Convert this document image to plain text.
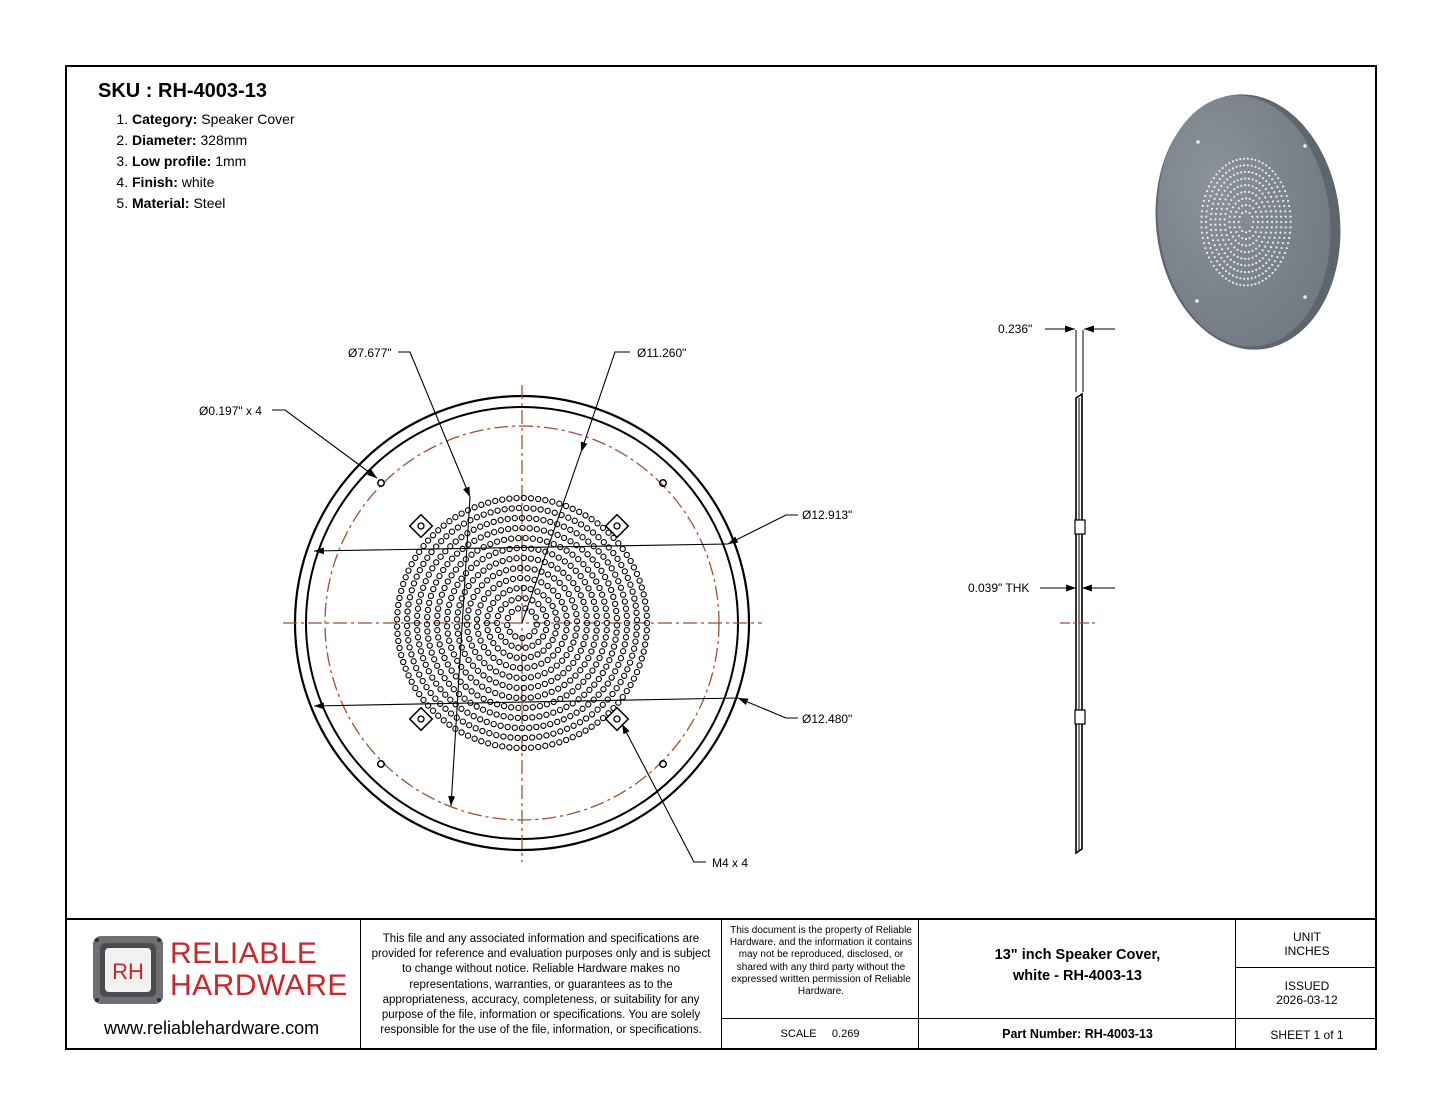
SKU : RH-4003-13
1. Category: Speaker Cover
2. Diameter: 328mm
3. Low profile: 1mm
4. Finish: white
5. Material: Steel
Ø7.677"	Ø11.260"
Ø0.197" x 4
Ø12.913"
Ø12.480"
M4 x 4
0.236"
0.039" THK
RH
RELIABLE
HARDWARE
www.reliablehardware.com
This file and any associated information and specifications are provided for reference and evaluation purposes only and is subject to change without notice. Reliable Hardware makes no representations, warranties, or guarantees as to the appropriateness, accuracy, completeness, or suitability for any purpose of the file, information or specifications. You are solely responsible for the use of the file, information, or specifications.
This document is the property of Reliable Hardware. and the information it contains may not be reproduced, disclosed, or shared with any third party without the expressed written permission of Reliable Hardware.
SCALE 0.269
13" inch Speaker Cover,
white - RH-4003-13
Part Number: RH-4003-13
UNIT
INCHES
ISSUED
2026-03-12
SHEET 1 of 1
